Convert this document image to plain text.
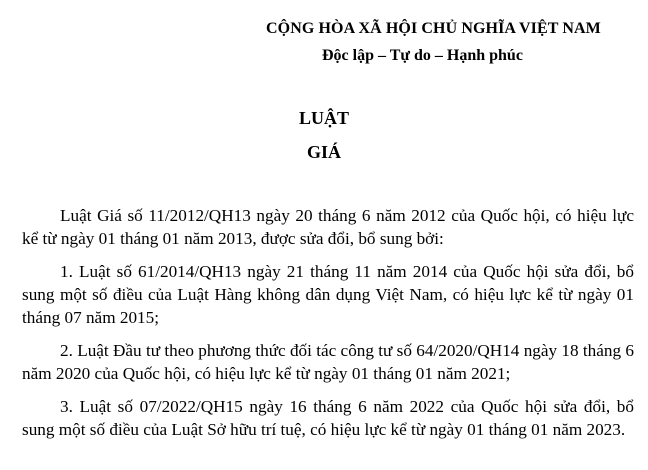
CỘNG HÒA XÃ HỘI CHỦ NGHĨA VIỆT NAM
Độc lập – Tự do – Hạnh phúc
LUẬT
GIÁ

Luật Giá số 11/2012/QH13 ngày 20 tháng 6 năm 2012 của Quốc hội, có hiệu lực kể từ ngày 01 tháng 01 năm 2013, được sửa đổi, bổ sung bởi:

1. Luật số 61/2014/QH13 ngày 21 tháng 11 năm 2014 của Quốc hội sửa đổi, bổ sung một số điều của Luật Hàng không dân dụng Việt Nam, có hiệu lực kể từ ngày 01 tháng 07 năm 2015;

2. Luật Đầu tư theo phương thức đối tác công tư số 64/2020/QH14 ngày 18 tháng 6 năm 2020 của Quốc hội, có hiệu lực kể từ ngày 01 tháng 01 năm 2021;

3. Luật số 07/2022/QH15 ngày 16 tháng 6 năm 2022 của Quốc hội sửa đổi, bổ sung một số điều của Luật Sở hữu trí tuệ, có hiệu lực kể từ ngày 01 tháng 01 năm 2023.
